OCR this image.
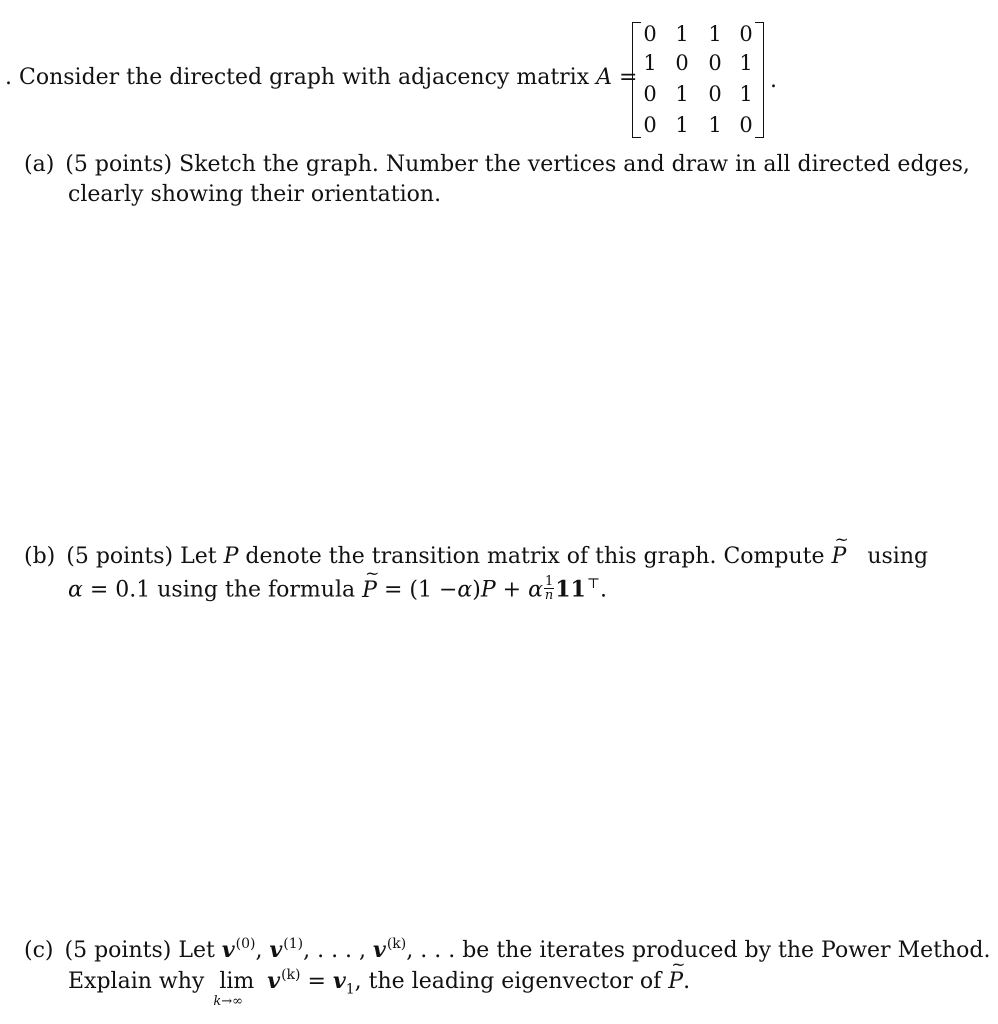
. Consider the directed graph with adjacency matrix A =
0 1 1 0
1 0 0 1
0 1 0 1
0 1 1 0
.
(a) (5 points) Sketch the graph. Number the vertices and draw in all directed edges,
clearly showing their orientation.
(b) (5 points) Let P denote the transition matrix of this graph. Compute ~ P using
α = 0.1 using the formula ~ P = (1 −α)P + α $\frac{1}{n} 11^⊤$.
(c) (5 points) Let $v^{(0)}$, $v^{(1)}$, . . . , $v^{(k)}$, . . . be the iterates produced by the Power Method.
Explain why lim
k→∞
$v^{(k)} = v_1$, the leading eigenvector of ~ P.
